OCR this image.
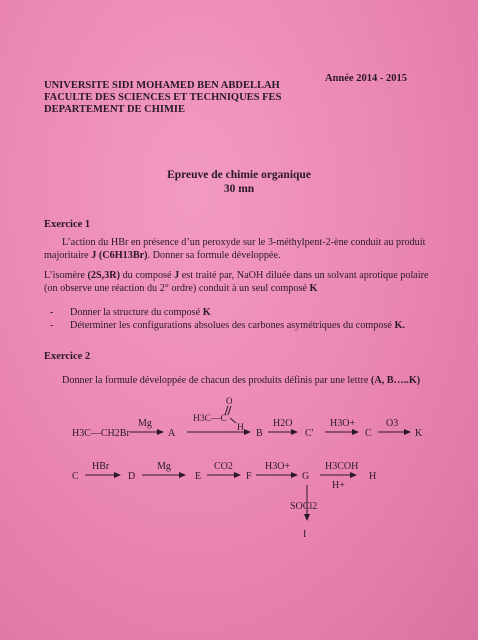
UNIVERSITE SIDI MOHAMED BEN ABDELLAH
FACULTE DES SCIENCES ET TECHNIQUES FES
DEPARTEMENT DE CHIMIE
Année 2014 - 2015
Epreuve de chimie organique
30 mn
Exercice 1
L’action du HBr en présence d’un peroxyde sur le 3-méthylpent-2-ène conduit au produit
majoritaire J (C6H13Br). Donner sa formule développée.
L’isomère (2S,3R) du composé J est traité par, NaOH diluée dans un solvant aprotique polaire
(on observe une réaction du 2° ordre) conduit à un seul composé K
- Donner la structure du composé K
- Déterminer les configurations absolues des carbones asymétriques du composé K.
Exercice 2
Donner la formule développée de chacun des produits définis par une lettre (A, B…..K)
H3C—CH2Br
Mg
A
O
H3C—C
H B
H2O
C'
H3O+
C
O3
K
C
HBr
D
Mg
E
CO2
F
H3O+
G
H3COH
H+
H
SOCl2
I
